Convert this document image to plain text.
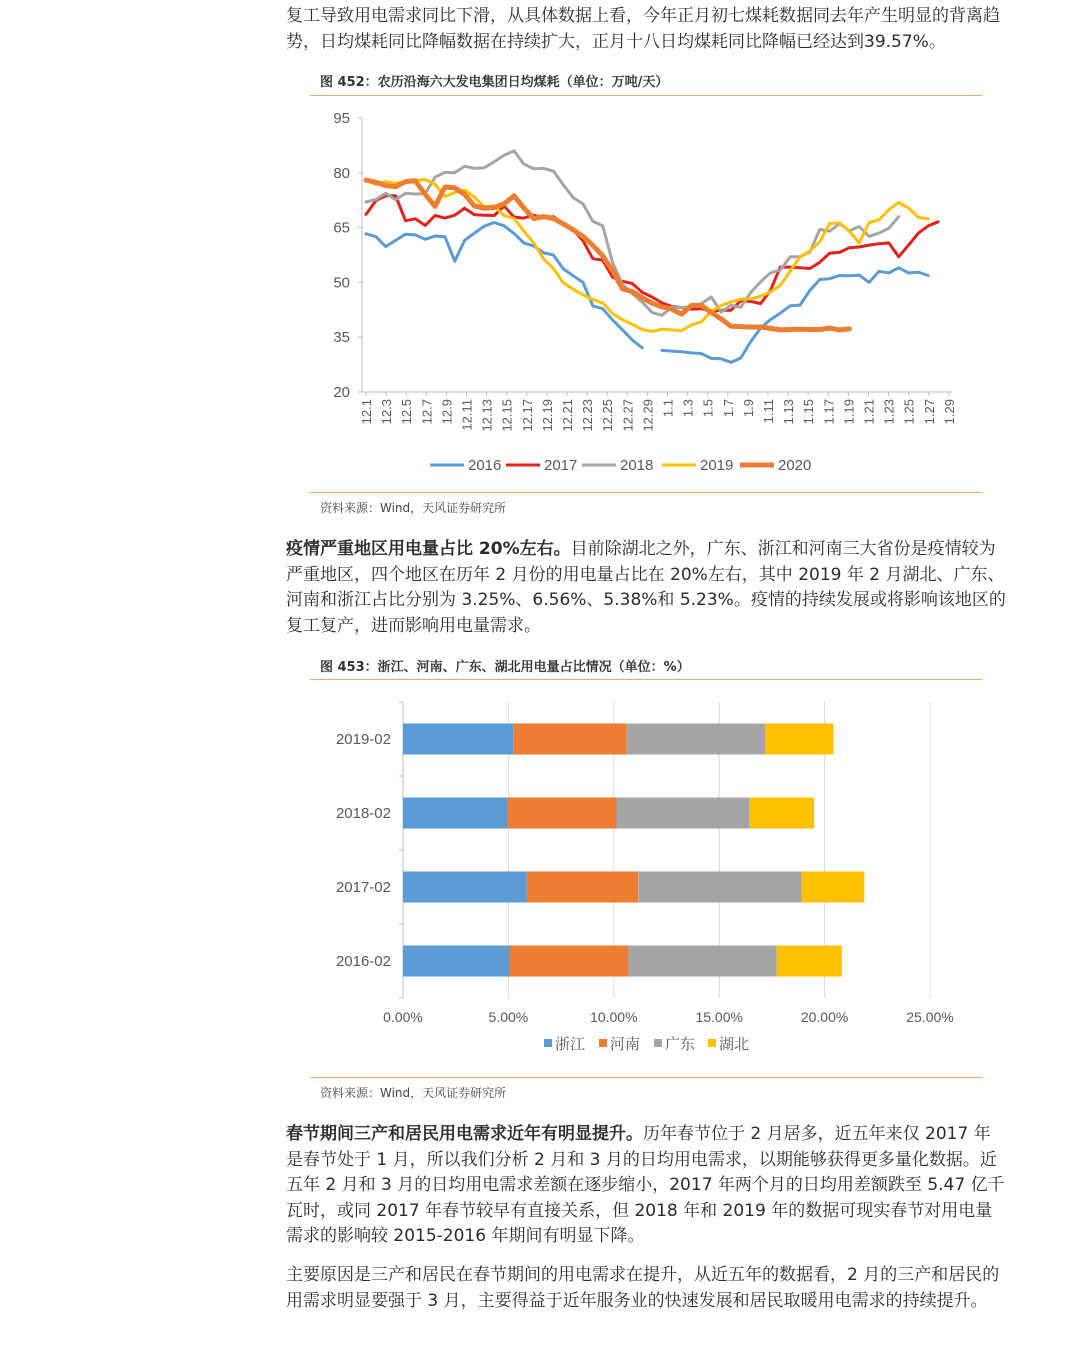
复工导致用电需求同比下滑，从具体数据上看，今年正月初七煤耗数据同去年产生明显的背离趋势，日均煤耗同比降幅数据在持续扩大，正月十八日均煤耗同比降幅已经达到39.57%。

图 452：农历沿海六大发电集团日均煤耗（单位：万吨/天）
20
35
50
65
80
95
12.1 12.3 12.5 12.7 12.9 12.11 12.13 12.15 12.17 12.19 12.21 12.23 12.25 12.27 12.29 1.1 1.3 1.5 1.7 1.9 1.11 1.13 1.15 1.17 1.19 1.21 1.23 1.25 1.27 1.29
2016	2017	2018	2019	2020
资料来源：Wind，天风证券研究所

疫情严重地区用电量占比 20%左右。目前除湖北之外，广东、浙江和河南三大省份是疫情较为严重地区，四个地区在历年 2 月份的用电量占比在 20%左右，其中 2019 年 2 月湖北、广东、河南和浙江占比分别为 3.25%、6.56%、5.38%和 5.23%。疫情的持续发展或将影响该地区的复工复产，进而影响用电量需求。

图 453：浙江、河南、广东、湖北用电量占比情况（单位：%）
2019-02
2018-02
2017-02
2016-02
0.00%	5.00%	10.00%	15.00%	20.00%	25.00%
浙江 河南 广东 湖北
资料来源：Wind，天风证券研究所

春节期间三产和居民用电需求近年有明显提升。历年春节位于 2 月居多，近五年来仅 2017 年是春节处于 1 月，所以我们分析 2 月和 3 月的日均用电需求，以期能够获得更多量化数据。近五年 2 月和 3 月的日均用电需求差额在逐步缩小，2017 年两个月的日均用差额跌至 5.47 亿千瓦时，或同 2017 年春节较早有直接关系，但 2018 年和 2019 年的数据可现实春节对用电量需求的影响较 2015-2016 年期间有明显下降。

主要原因是三产和居民在春节期间的用电需求在提升，从近五年的数据看，2 月的三产和居民的用需求明显要强于 3 月，主要得益于近年服务业的快速发展和居民取暖用电需求的持续提升。
